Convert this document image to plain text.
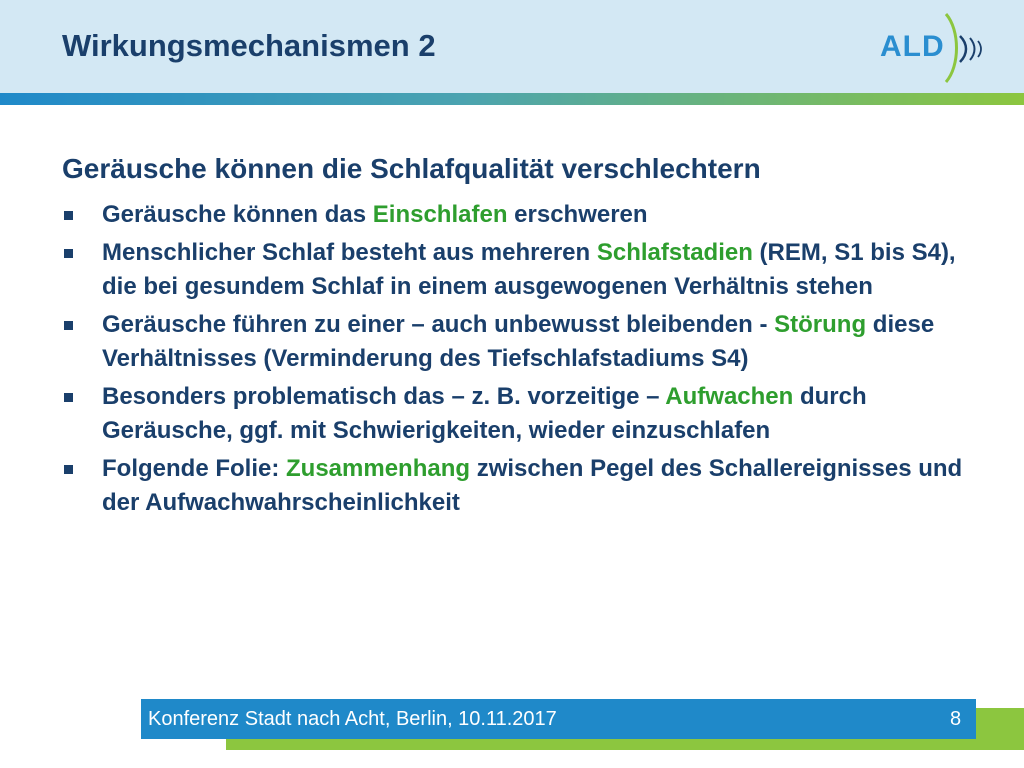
Wirkungsmechanismen 2	ALD
Geräusche können die Schlafqualität verschlechtern
Geräusche können das Einschlafen erschweren
Menschlicher Schlaf besteht aus mehreren Schlafstadien (REM, S1 bis S4), die bei gesundem Schlaf in einem ausgewogenen Verhältnis stehen
Geräusche führen zu einer – auch unbewusst bleibenden - Störung diese Verhältnisses (Verminderung des Tiefschlafstadiums S4)
Besonders problematisch das – z. B. vorzeitige – Aufwachen durch Geräusche, ggf. mit Schwierigkeiten, wieder einzuschlafen
Folgende Folie: Zusammenhang zwischen Pegel des Schallereignisses und der Aufwachwahrscheinlichkeit
Konferenz Stadt nach Acht, Berlin, 10.11.2017	8
